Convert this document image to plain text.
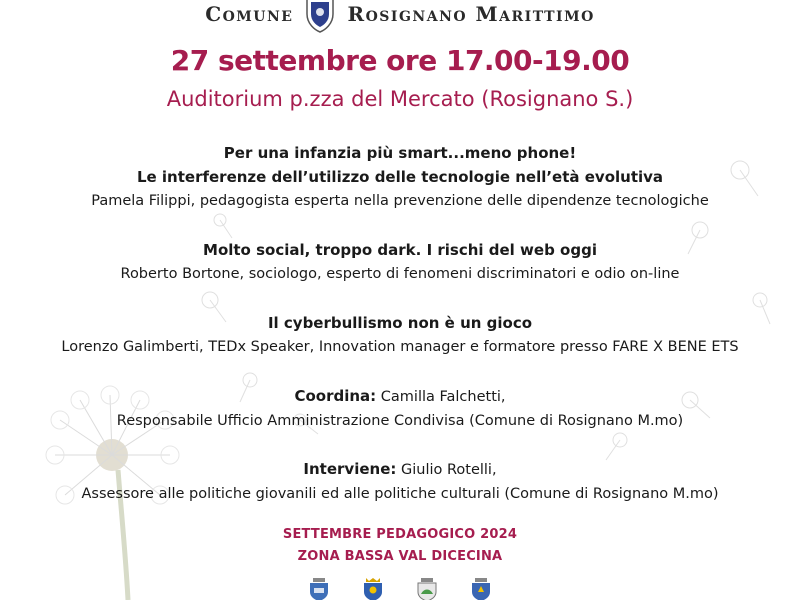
Comune	Rosignano Marittimo
27 settembre ore 17.00-19.00
Auditorium p.zza del Mercato (Rosignano S.)
Per una infanzia più smart...meno phone!
Le interferenze dell’utilizzo delle tecnologie nell’età evolutiva
Pamela Filippi, pedagogista esperta nella prevenzione delle dipendenze tecnologiche
Molto social, troppo dark. I rischi del web oggi
Roberto Bortone, sociologo, esperto di fenomeni discriminatori e odio on-line
Il cyberbullismo non è un gioco
Lorenzo Galimberti, TEDx Speaker, Innovation manager e formatore presso FARE X BENE ETS
Coordina: Camilla Falchetti,
Responsabile Ufficio Amministrazione Condivisa (Comune di Rosignano M.mo)
Interviene: Giulio Rotelli,
Assessore alle politiche giovanili ed alle politiche culturali (Comune di Rosignano M.mo)
SETTEMBRE PEDAGOGICO 2024
ZONA BASSA VAL DICECINA
